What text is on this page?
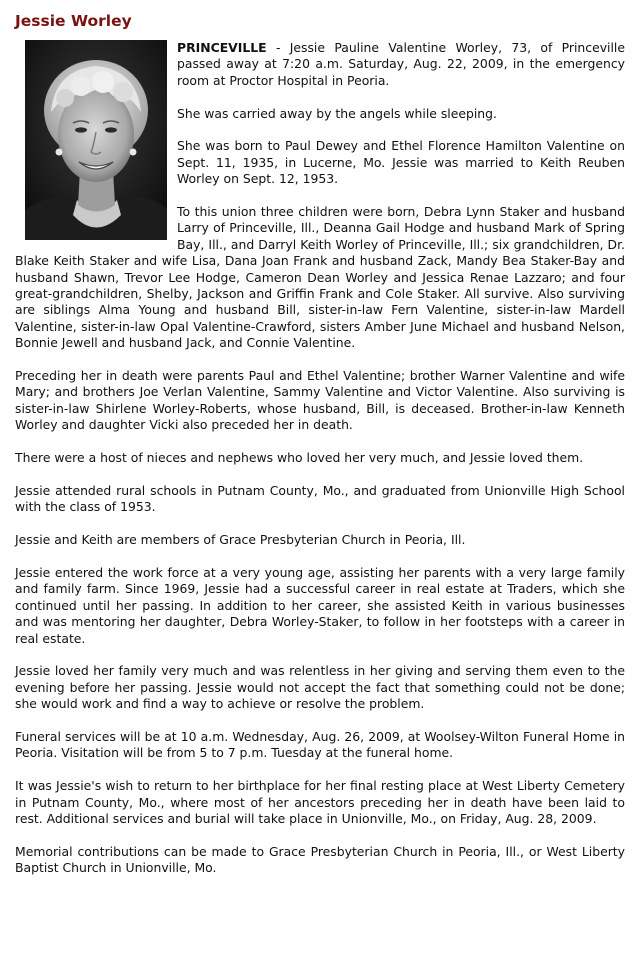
Jessie Worley

PRINCEVILLE - Jessie Pauline Valentine Worley, 73, of Princeville passed away at 7:20 a.m. Saturday, Aug. 22, 2009, in the emergency room at Proctor Hospital in Peoria.

She was carried away by the angels while sleeping.

She was born to Paul Dewey and Ethel Florence Hamilton Valentine on Sept. 11, 1935, in Lucerne, Mo. Jessie was married to Keith Reuben Worley on Sept. 12, 1953.

To this union three children were born, Debra Lynn Staker and husband Larry of Princeville, Ill., Deanna Gail Hodge and husband Mark of Spring Bay, Ill., and Darryl Keith Worley of Princeville, Ill.; six grandchildren, Dr. Blake Keith Staker and wife Lisa, Dana Joan Frank and husband Zack, Mandy Bea Staker-Bay and husband Shawn, Trevor Lee Hodge, Cameron Dean Worley and Jessica Renae Lazzaro; and four great-grandchildren, Shelby, Jackson and Griffin Frank and Cole Staker. All survive. Also surviving are siblings Alma Young and husband Bill, sister-in-law Fern Valentine, sister-in-law Mardell Valentine, sister-in-law Opal Valentine-Crawford, sisters Amber June Michael and husband Nelson, Bonnie Jewell and husband Jack, and Connie Valentine.

Preceding her in death were parents Paul and Ethel Valentine; brother Warner Valentine and wife Mary; and brothers Joe Verlan Valentine, Sammy Valentine and Victor Valentine. Also surviving is sister-in-law Shirlene Worley-Roberts, whose husband, Bill, is deceased. Brother-in-law Kenneth Worley and daughter Vicki also preceded her in death.

There were a host of nieces and nephews who loved her very much, and Jessie loved them.

Jessie attended rural schools in Putnam County, Mo., and graduated from Unionville High School with the class of 1953.

Jessie and Keith are members of Grace Presbyterian Church in Peoria, Ill.

Jessie entered the work force at a very young age, assisting her parents with a very large family and family farm. Since 1969, Jessie had a successful career in real estate at Traders, which she continued until her passing. In addition to her career, she assisted Keith in various businesses and was mentoring her daughter, Debra Worley-Staker, to follow in her footsteps with a career in real estate.

Jessie loved her family very much and was relentless in her giving and serving them even to the evening before her passing. Jessie would not accept the fact that something could not be done; she would work and find a way to achieve or resolve the problem.

Funeral services will be at 10 a.m. Wednesday, Aug. 26, 2009, at Woolsey-Wilton Funeral Home in Peoria. Visitation will be from 5 to 7 p.m. Tuesday at the funeral home.

It was Jessie's wish to return to her birthplace for her final resting place at West Liberty Cemetery in Putnam County, Mo., where most of her ancestors preceding her in death have been laid to rest. Additional services and burial will take place in Unionville, Mo., on Friday, Aug. 28, 2009.

Memorial contributions can be made to Grace Presbyterian Church in Peoria, Ill., or West Liberty Baptist Church in Unionville, Mo.
